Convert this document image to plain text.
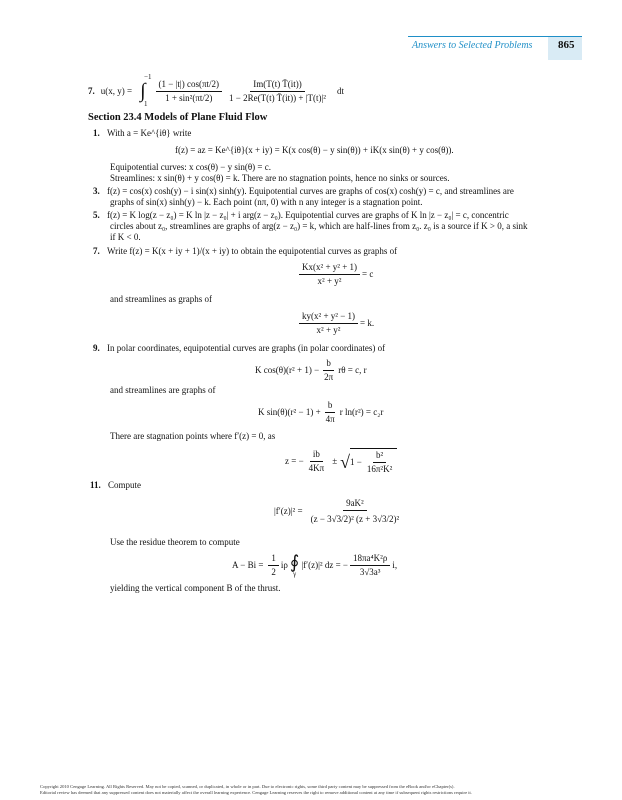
Answers to Selected Problems 865
7. u(x, y) =
−1
∫
1
$\frac{(1 - |t|) \cos(\pi t/2)}{\text{1 + sin²(πt/2)}} \frac{Im(T(t) T̄(it))}{\text{1 − 2Re(T(t) T̄(it)) + |T(t)|²}}$ dt
Section 23.4 Models of Plane Fluid Flow
1. With a = Ke^{iθ} write
f(z) = az = Ke^{iθ}(x + iy) = K(x cos(θ) − y sin(θ)) + iK(x sin(θ) + y cos(θ)).
Equipotential curves: x cos(θ) − y sin(θ) = c.
Streamlines: x sin(θ) + y cos(θ) = k. There are no stagnation points, hence no sinks or sources.
3. f(z) = cos(x) cosh(y) − i sin(x) sinh(y). Equipotential curves are graphs of cos(x) cosh(y) = c, and streamlines are
graphs of sin(x) sinh(y) − k. Each point (nπ, 0) with n any integer is a stagnation point.
5. f(z) = K log(z − z₀) = K ln |z − z₀| + i arg(z − z₀). Equipotential curves are graphs of K ln |z − z₀| = c, concentric
circles about z₀, streamlines are graphs of arg(z − z₀) = k, which are half-lines from z₀. z₀ is a source if K > 0, a sink
if K < 0.
7. Write f(z) = K(x + iy + 1)/(x + iy) to obtain the equipotential curves as graphs of
$\frac{\text{Kx(x² + y² + 1)}}{\text{x² + y²}} = c$
and streamlines as graphs of
$\frac{\text{ky(x² + y² − 1)}}{\text{x² + y²}} = k$.
9. In polar coordinates, equipotential curves are graphs (in polar coordinates) of
K $\cos(\theta)(r^2 + 1) - \frac{b}{2\pi}$ rθ = c, r
and streamlines are graphs of
K $\sin(\theta)(r^2 - 1) + \frac{b}{4\pi}$ r ln(r²) = c₂r
There are stagnation points where f′(z) = 0, as
z = − $\frac{ib}{4K\pi}$ ± √ $1 - \frac{\text{b²}}{\text{16π²K²}}$
11. Compute
$|f'(z)|^2 = \frac{\text{9aK²}}{\text{(z − 3√3/2)² (z + 3√3/2)²}}$
Use the residue theorem to compute
$A - Bi = \frac{1}{2}$ iρ ∮
γ
|f′(z)|² dz = − $\frac{\text{18πa⁴K²ρ}}{\text{3√3a³}} i$,
yielding the vertical component B of the thrust.
Copyright 2010 Cengage Learning. All Rights Reserved. May not be copied, scanned, or duplicated, in whole or in part. Due to electronic rights, some third party content may be suppressed from the eBook and/or eChapter(s).
Editorial review has deemed that any suppressed content does not materially affect the overall learning experience. Cengage Learning reserves the right to remove additional content at any time if subsequent rights restrictions require it.
